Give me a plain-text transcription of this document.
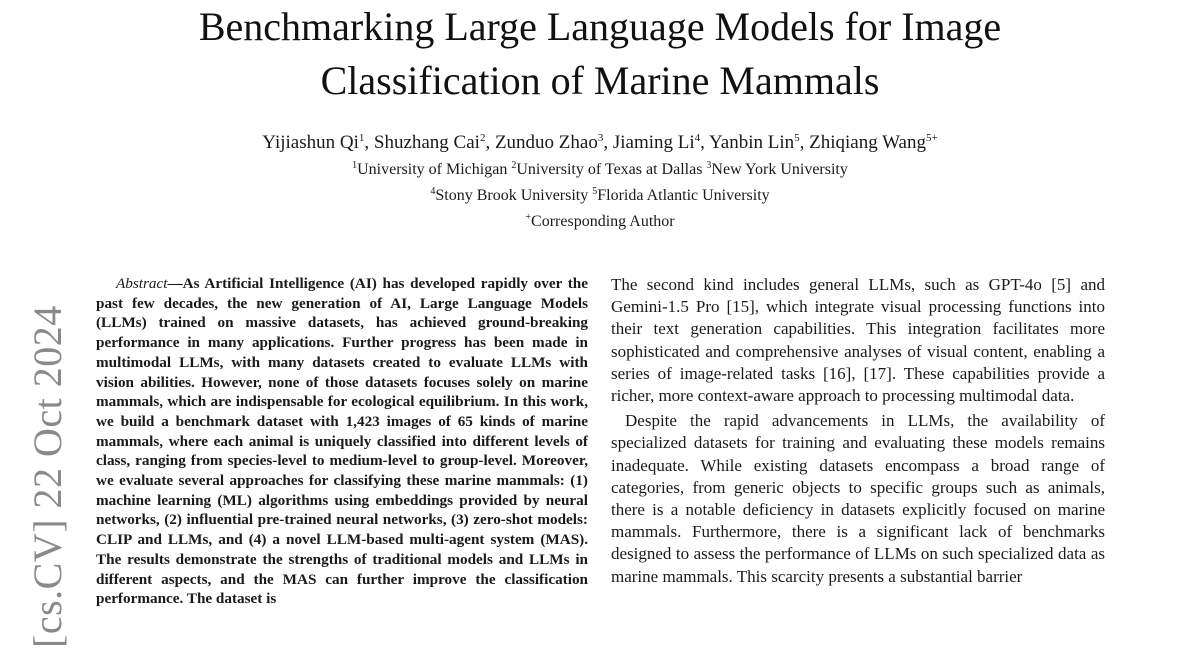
Benchmarking Large Language Models for Image
Classification of Marine Mammals
Yijiashun Qi$^1$, Shuzhang Cai$^2$, Zunduo Zhao$^3$, Jiaming Li$^4$, Yanbin Lin$^5$, Zhiqiang Wang$^{5+}$
$^1$University of Michigan $^2$University of Texas at Dallas $^3$New York University
$^4$Stony Brook University $^5$Florida Atlantic University
+Corresponding Author
[cs.CV] 22 Oct 2024
Abstract—As Artificial Intelligence (AI) has developed rapidly over the past few decades, the new generation of AI, Large Language Models (LLMs) trained on massive datasets, has achieved ground-breaking performance in many applications. Further progress has been made in multimodal LLMs, with many datasets created to evaluate LLMs with vision abilities. However, none of those datasets focuses solely on marine mammals, which are indispensable for ecological equilibrium. In this work, we build a benchmark dataset with 1,423 images of 65 kinds of marine mammals, where each animal is uniquely classified into different levels of class, ranging from species-level to medium-level to group-level. Moreover, we evaluate several approaches for classifying these marine mammals: (1) machine learning (ML) algorithms using embeddings provided by neural networks, (2) influential pre-trained neural networks, (3) zero-shot models: CLIP and LLMs, and (4) a novel LLM-based multi-agent system (MAS). The results demonstrate the strengths of traditional models and LLMs in different aspects, and the MAS can further improve the classification performance. The dataset is

The second kind includes general LLMs, such as GPT-4o [5] and Gemini-1.5 Pro [15], which integrate visual processing functions into their text generation capabilities. This integration facilitates more sophisticated and comprehensive analyses of visual content, enabling a series of image-related tasks [16], [17]. These capabilities provide a richer, more context-aware approach to processing multimodal data.

Despite the rapid advancements in LLMs, the availability of specialized datasets for training and evaluating these models remains inadequate. While existing datasets encompass a broad range of categories, from generic objects to specific groups such as animals, there is a notable deficiency in datasets explicitly focused on marine mammals. Furthermore, there is a significant lack of benchmarks designed to assess the performance of LLMs on such specialized data as marine mammals. This scarcity presents a substantial barrier
